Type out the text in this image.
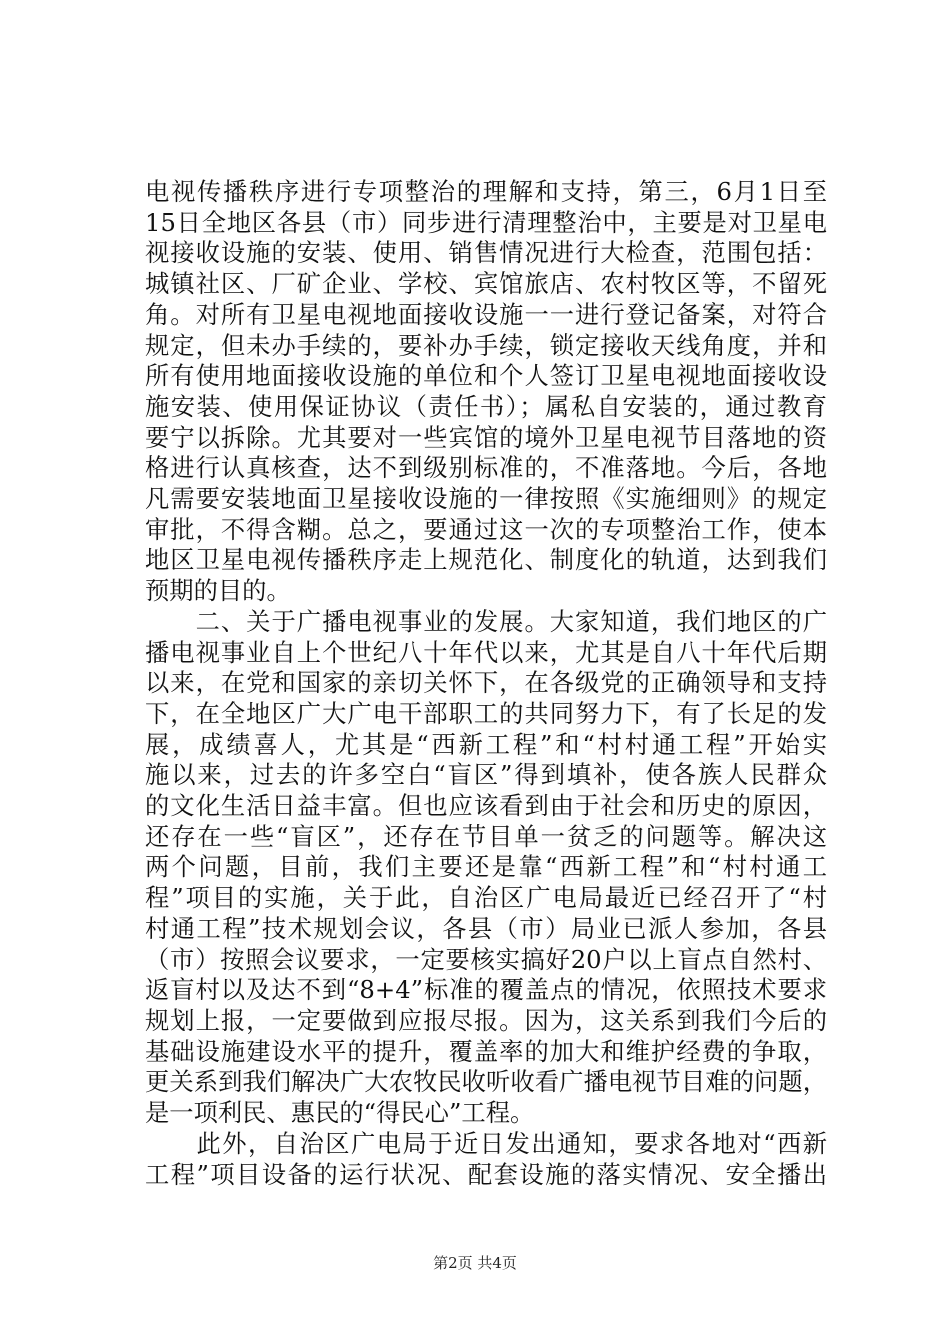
电视传播秩序进行专项整治的理解和支持，第三，6月1日至
15日全地区各县（市）同步进行清理整治中，主要是对卫星电
视接收设施的安装、使用、销售情况进行大检查，范围包括：
城镇社区、厂矿企业、学校、宾馆旅店、农村牧区等，不留死
角。对所有卫星电视地面接收设施一一进行登记备案，对符合
规定，但未办手续的，要补办手续，锁定接收天线角度，并和
所有使用地面接收设施的单位和个人签订卫星电视地面接收设
施安装、使用保证协议（责任书）；属私自安装的，通过教育
要宁以拆除。尤其要对一些宾馆的境外卫星电视节目落地的资
格进行认真核查，达不到级别标准的，不准落地。今后，各地
凡需要安装地面卫星接收设施的一律按照《实施细则》的规定
审批，不得含糊。总之，要通过这一次的专项整治工作，使本
地区卫星电视传播秩序走上规范化、制度化的轨道，达到我们
预期的目的。
　　二、关于广播电视事业的发展。大家知道，我们地区的广
播电视事业自上个世纪八十年代以来，尤其是自八十年代后期
以来，在党和国家的亲切关怀下，在各级党的正确领导和支持
下，在全地区广大广电干部职工的共同努力下，有了长足的发
展，成绩喜人，尤其是“西新工程”和“村村通工程”开始实
施以来，过去的许多空白“盲区”得到填补，使各族人民群众
的文化生活日益丰富。但也应该看到由于社会和历史的原因，
还存在一些“盲区”，还存在节目单一贫乏的问题等。解决这
两个问题，目前，我们主要还是靠“西新工程”和“村村通工
程”项目的实施，关于此，自治区广电局最近已经召开了“村
村通工程”技术规划会议，各县（市）局业已派人参加，各县
（市）按照会议要求，一定要核实搞好20户以上盲点自然村、
返盲村以及达不到“8+4”标准的覆盖点的情况，依照技术要求
规划上报，一定要做到应报尽报。因为，这关系到我们今后的
基础设施建设水平的提升，覆盖率的加大和维护经费的争取，
更关系到我们解决广大农牧民收听收看广播电视节目难的问题，
是一项利民、惠民的“得民心”工程。
　　此外，自治区广电局于近日发出通知，要求各地对“西新
工程”项目设备的运行状况、配套设施的落实情况、安全播出
第2页 共4页
